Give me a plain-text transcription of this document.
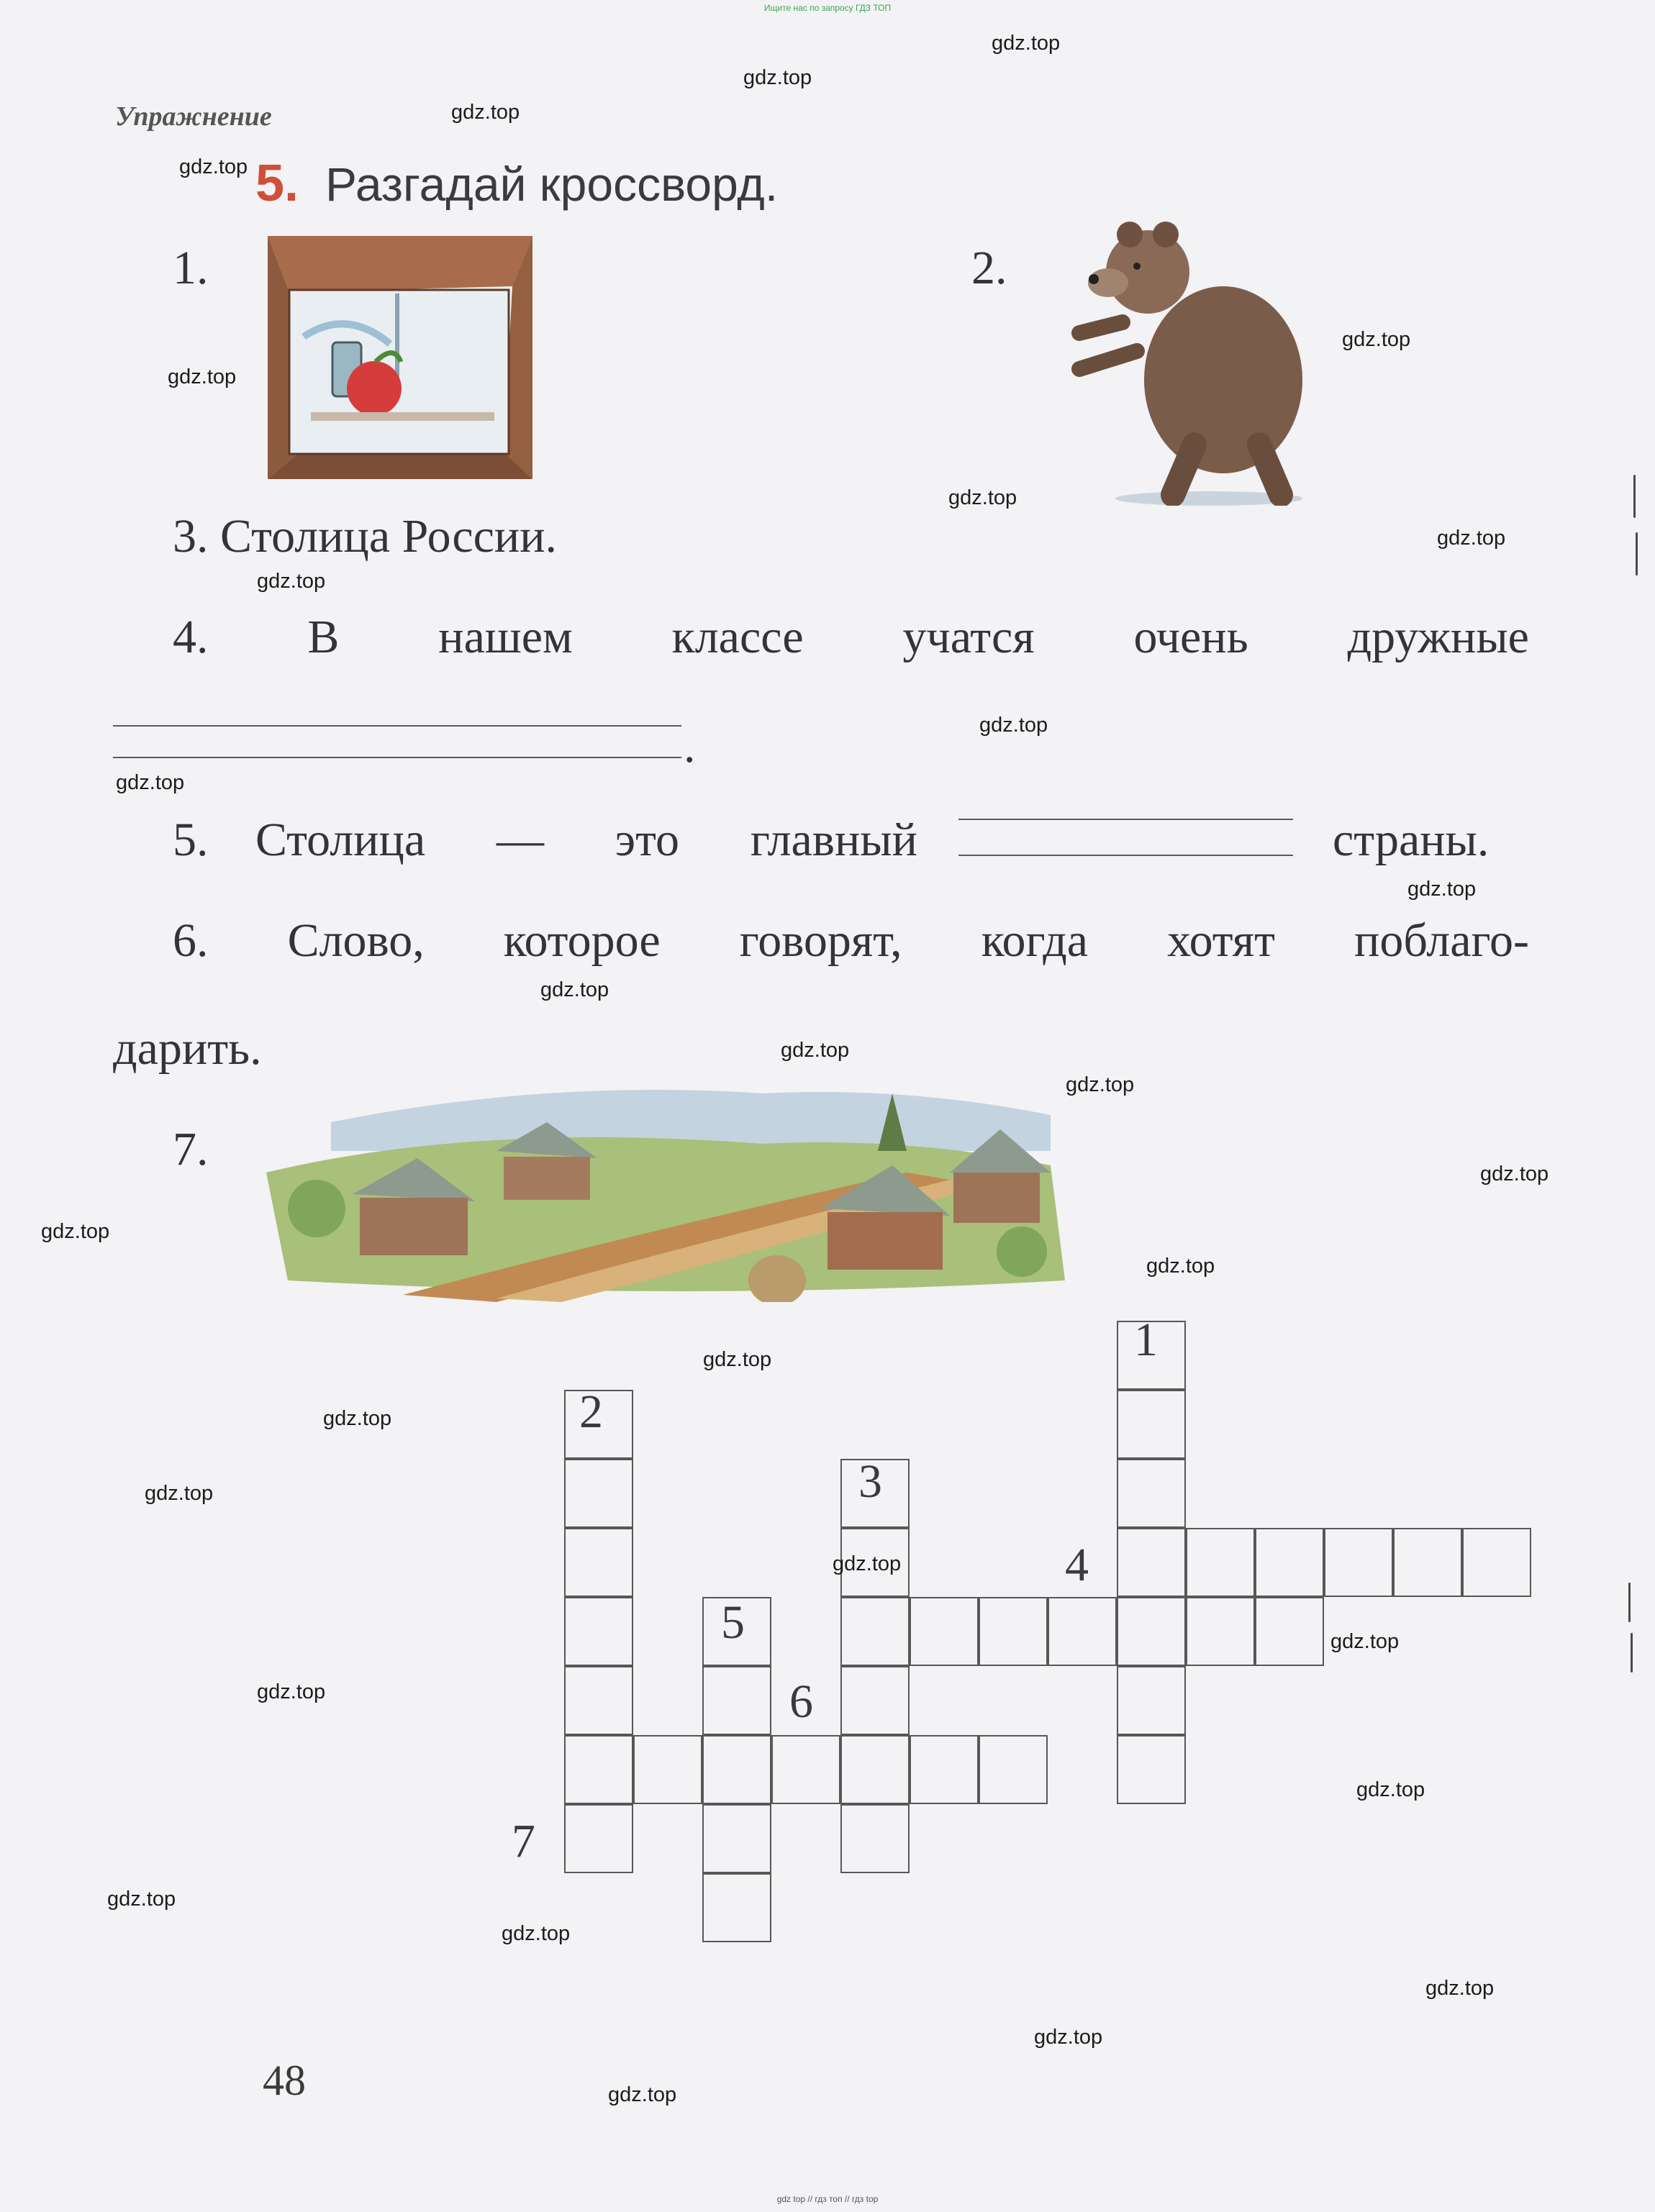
Ищите нас по запросу ГДЗ ТОП
gdz top // гдз топ // гдз top
Упражнение
5. Разгадай кроссворд.
1.	2.
3. Столица России.
4. В нашем классе учатся очень дружные
.
5. Столица — это главный	страны.
6. Слово, которое говорят, когда хотят поблаго-
дарить.
7.
1
2
3
4
5
6
7
48
gdz.top
gdz.top
gdz.top
gdz.top
gdz.top
gdz.top
gdz.top
gdz.top
gdz.top
gdz.top
gdz.top
gdz.top
gdz.top
gdz.top
gdz.top
gdz.top
gdz.top
gdz.top
gdz.top
gdz.top
gdz.top
gdz.top
gdz.top
gdz.top
gdz.top
gdz.top
gdz.top
gdz.top
gdz.top
gdz.top
